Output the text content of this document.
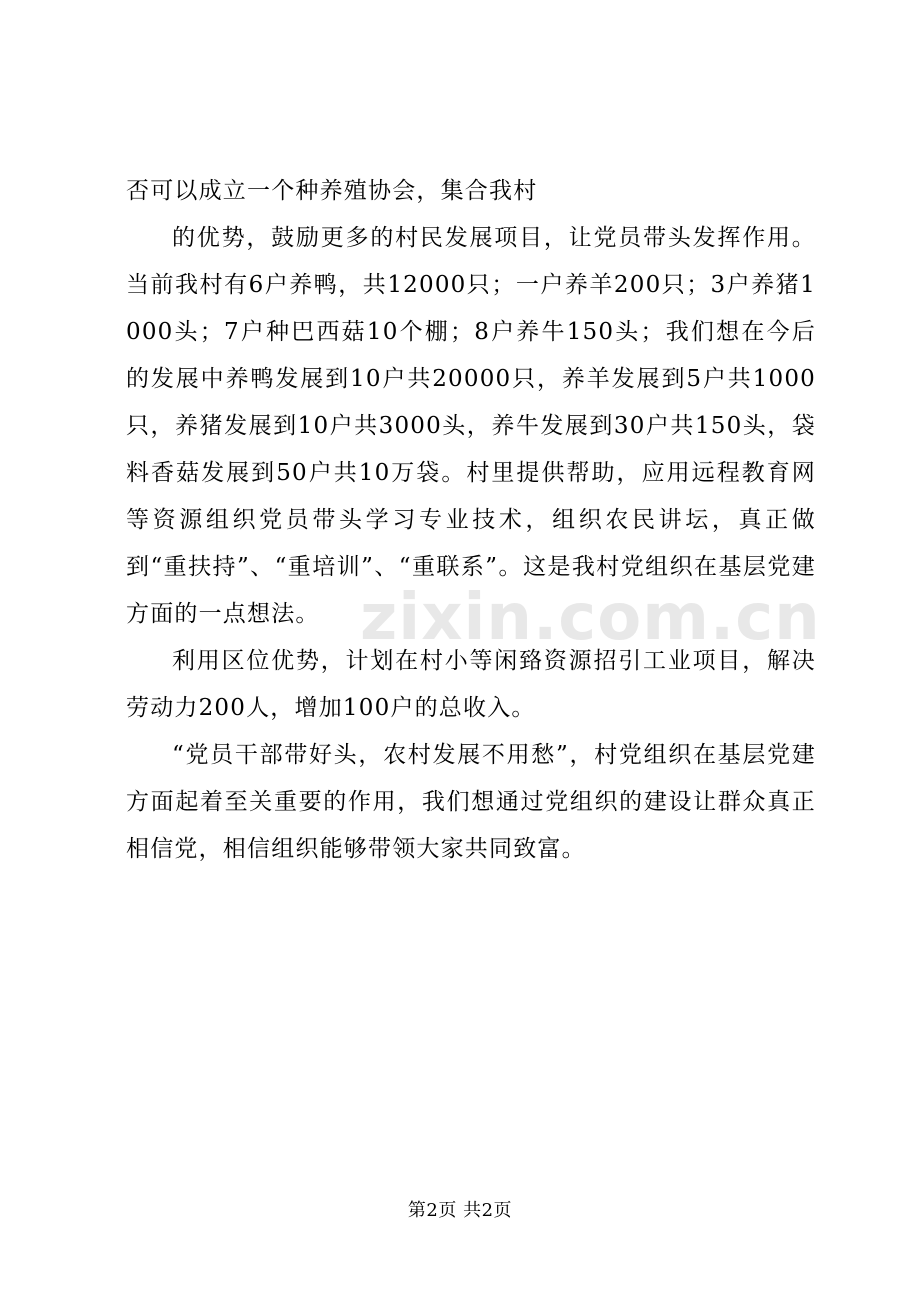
zixin.com.cn

否可以成立一个种养殖协会，集合我村

的优势，鼓励更多的村民发展项目，让党员带头发挥作用。当前我村有6户养鸭，共12000只；一户养羊200只；3户养猪1000头；7户种巴西菇10个棚；8户养牛150头；我们想在今后的发展中养鸭发展到10户共20000只，养羊发展到5户共1000只，养猪发展到10户共3000头，养牛发展到30户共150头，袋料香菇发展到50户共10万袋。村里提供帮助，应用远程教育网等资源组织党员带头学习专业技术，组织农民讲坛，真正做到“重扶持”、“重培训”、“重联系”。这是我村党组织在基层党建方面的一点想法。

利用区位优势，计划在村小等闲臵资源招引工业项目，解决劳动力200人，增加100户的总收入。

“党员干部带好头，农村发展不用愁”，村党组织在基层党建方面起着至关重要的作用，我们想通过党组织的建设让群众真正相信党，相信组织能够带领大家共同致富。

第2页 共2页
